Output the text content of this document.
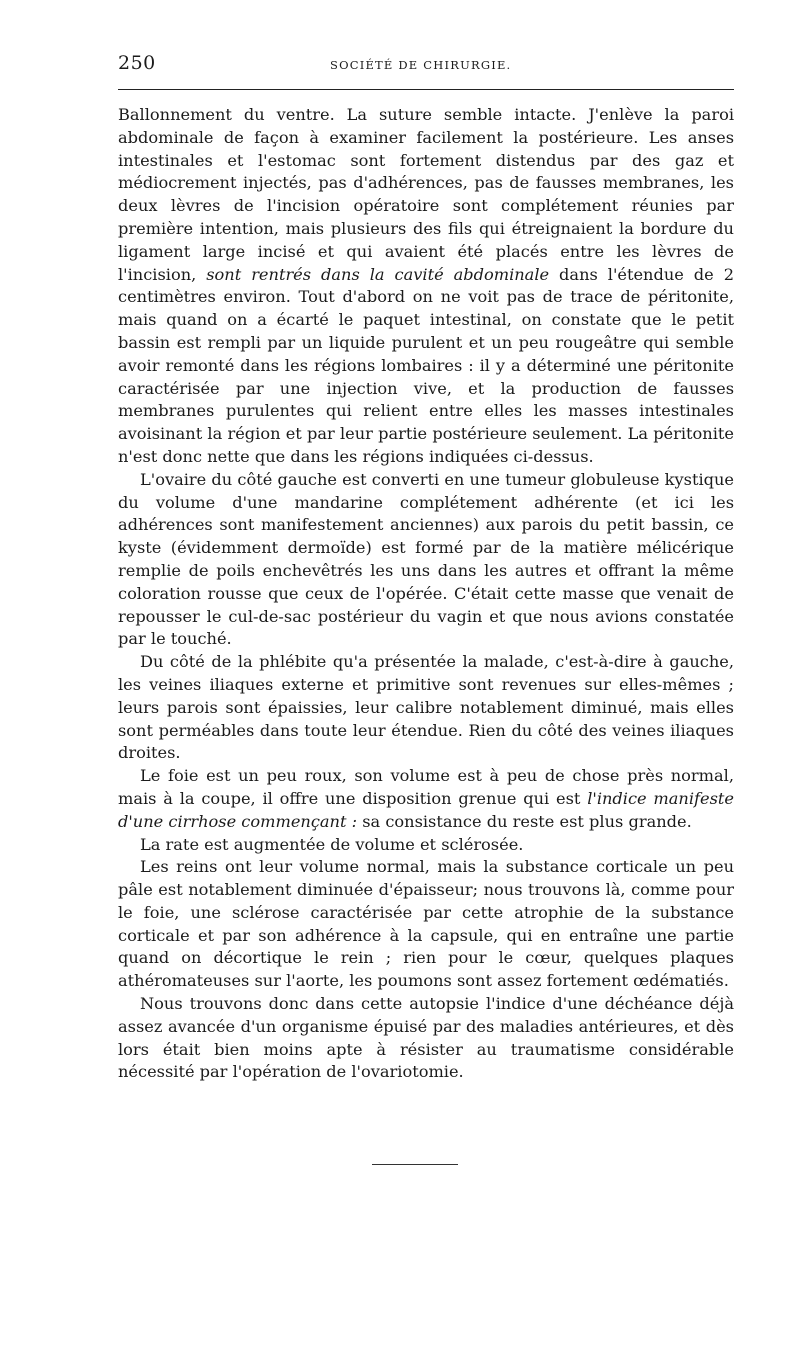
250	SOCIÉTÉ DE CHIRURGIE.

Ballonnement du ventre. La suture semble intacte. J'enlève la paroi abdominale de façon à examiner facilement la postérieure. Les anses intestinales et l'estomac sont fortement distendus par des gaz et médiocrement injectés, pas d'adhérences, pas de fausses membranes, les deux lèvres de l'incision opératoire sont complétement réunies par première intention, mais plusieurs des fils qui étreignaient la bordure du ligament large incisé et qui avaient été placés entre les lèvres de l'incision, sont rentrés dans la cavité abdominale dans l'étendue de 2 centimètres environ. Tout d'abord on ne voit pas de trace de péritonite, mais quand on a écarté le paquet intestinal, on constate que le petit bassin est rempli par un liquide purulent et un peu rougeâtre qui semble avoir remonté dans les régions lombaires : il y a déterminé une péritonite caractérisée par une injection vive, et la production de fausses membranes purulentes qui relient entre elles les masses intestinales avoisinant la région et par leur partie postérieure seulement. La péritonite n'est donc nette que dans les régions indiquées ci-dessus.

L'ovaire du côté gauche est converti en une tumeur globuleuse kystique du volume d'une mandarine complétement adhérente (et ici les adhérences sont manifestement anciennes) aux parois du petit bassin, ce kyste (évidemment dermoïde) est formé par de la matière mélicérique remplie de poils enchevêtrés les uns dans les autres et offrant la même coloration rousse que ceux de l'opérée. C'était cette masse que venait de repousser le cul-de-sac postérieur du vagin et que nous avions constatée par le touché.

Du côté de la phlébite qu'a présentée la malade, c'est-à-dire à gauche, les veines iliaques externe et primitive sont revenues sur elles-mêmes ; leurs parois sont épaissies, leur calibre notablement diminué, mais elles sont perméables dans toute leur étendue. Rien du côté des veines iliaques droites.

Le foie est un peu roux, son volume est à peu de chose près normal, mais à la coupe, il offre une disposition grenue qui est l'indice manifeste d'une cirrhose commençant : sa consistance du reste est plus grande.

La rate est augmentée de volume et sclérosée.

Les reins ont leur volume normal, mais la substance corticale un peu pâle est notablement diminuée d'épaisseur; nous trouvons là, comme pour le foie, une sclérose caractérisée par cette atrophie de la substance corticale et par son adhérence à la capsule, qui en entraîne une partie quand on décortique le rein ; rien pour le cœur, quelques plaques athéromateuses sur l'aorte, les poumons sont assez fortement œdématiés.

Nous trouvons donc dans cette autopsie l'indice d'une déchéance déjà assez avancée d'un organisme épuisé par des maladies antérieures, et dès lors était bien moins apte à résister au traumatisme considérable nécessité par l'opération de l'ovariotomie.
